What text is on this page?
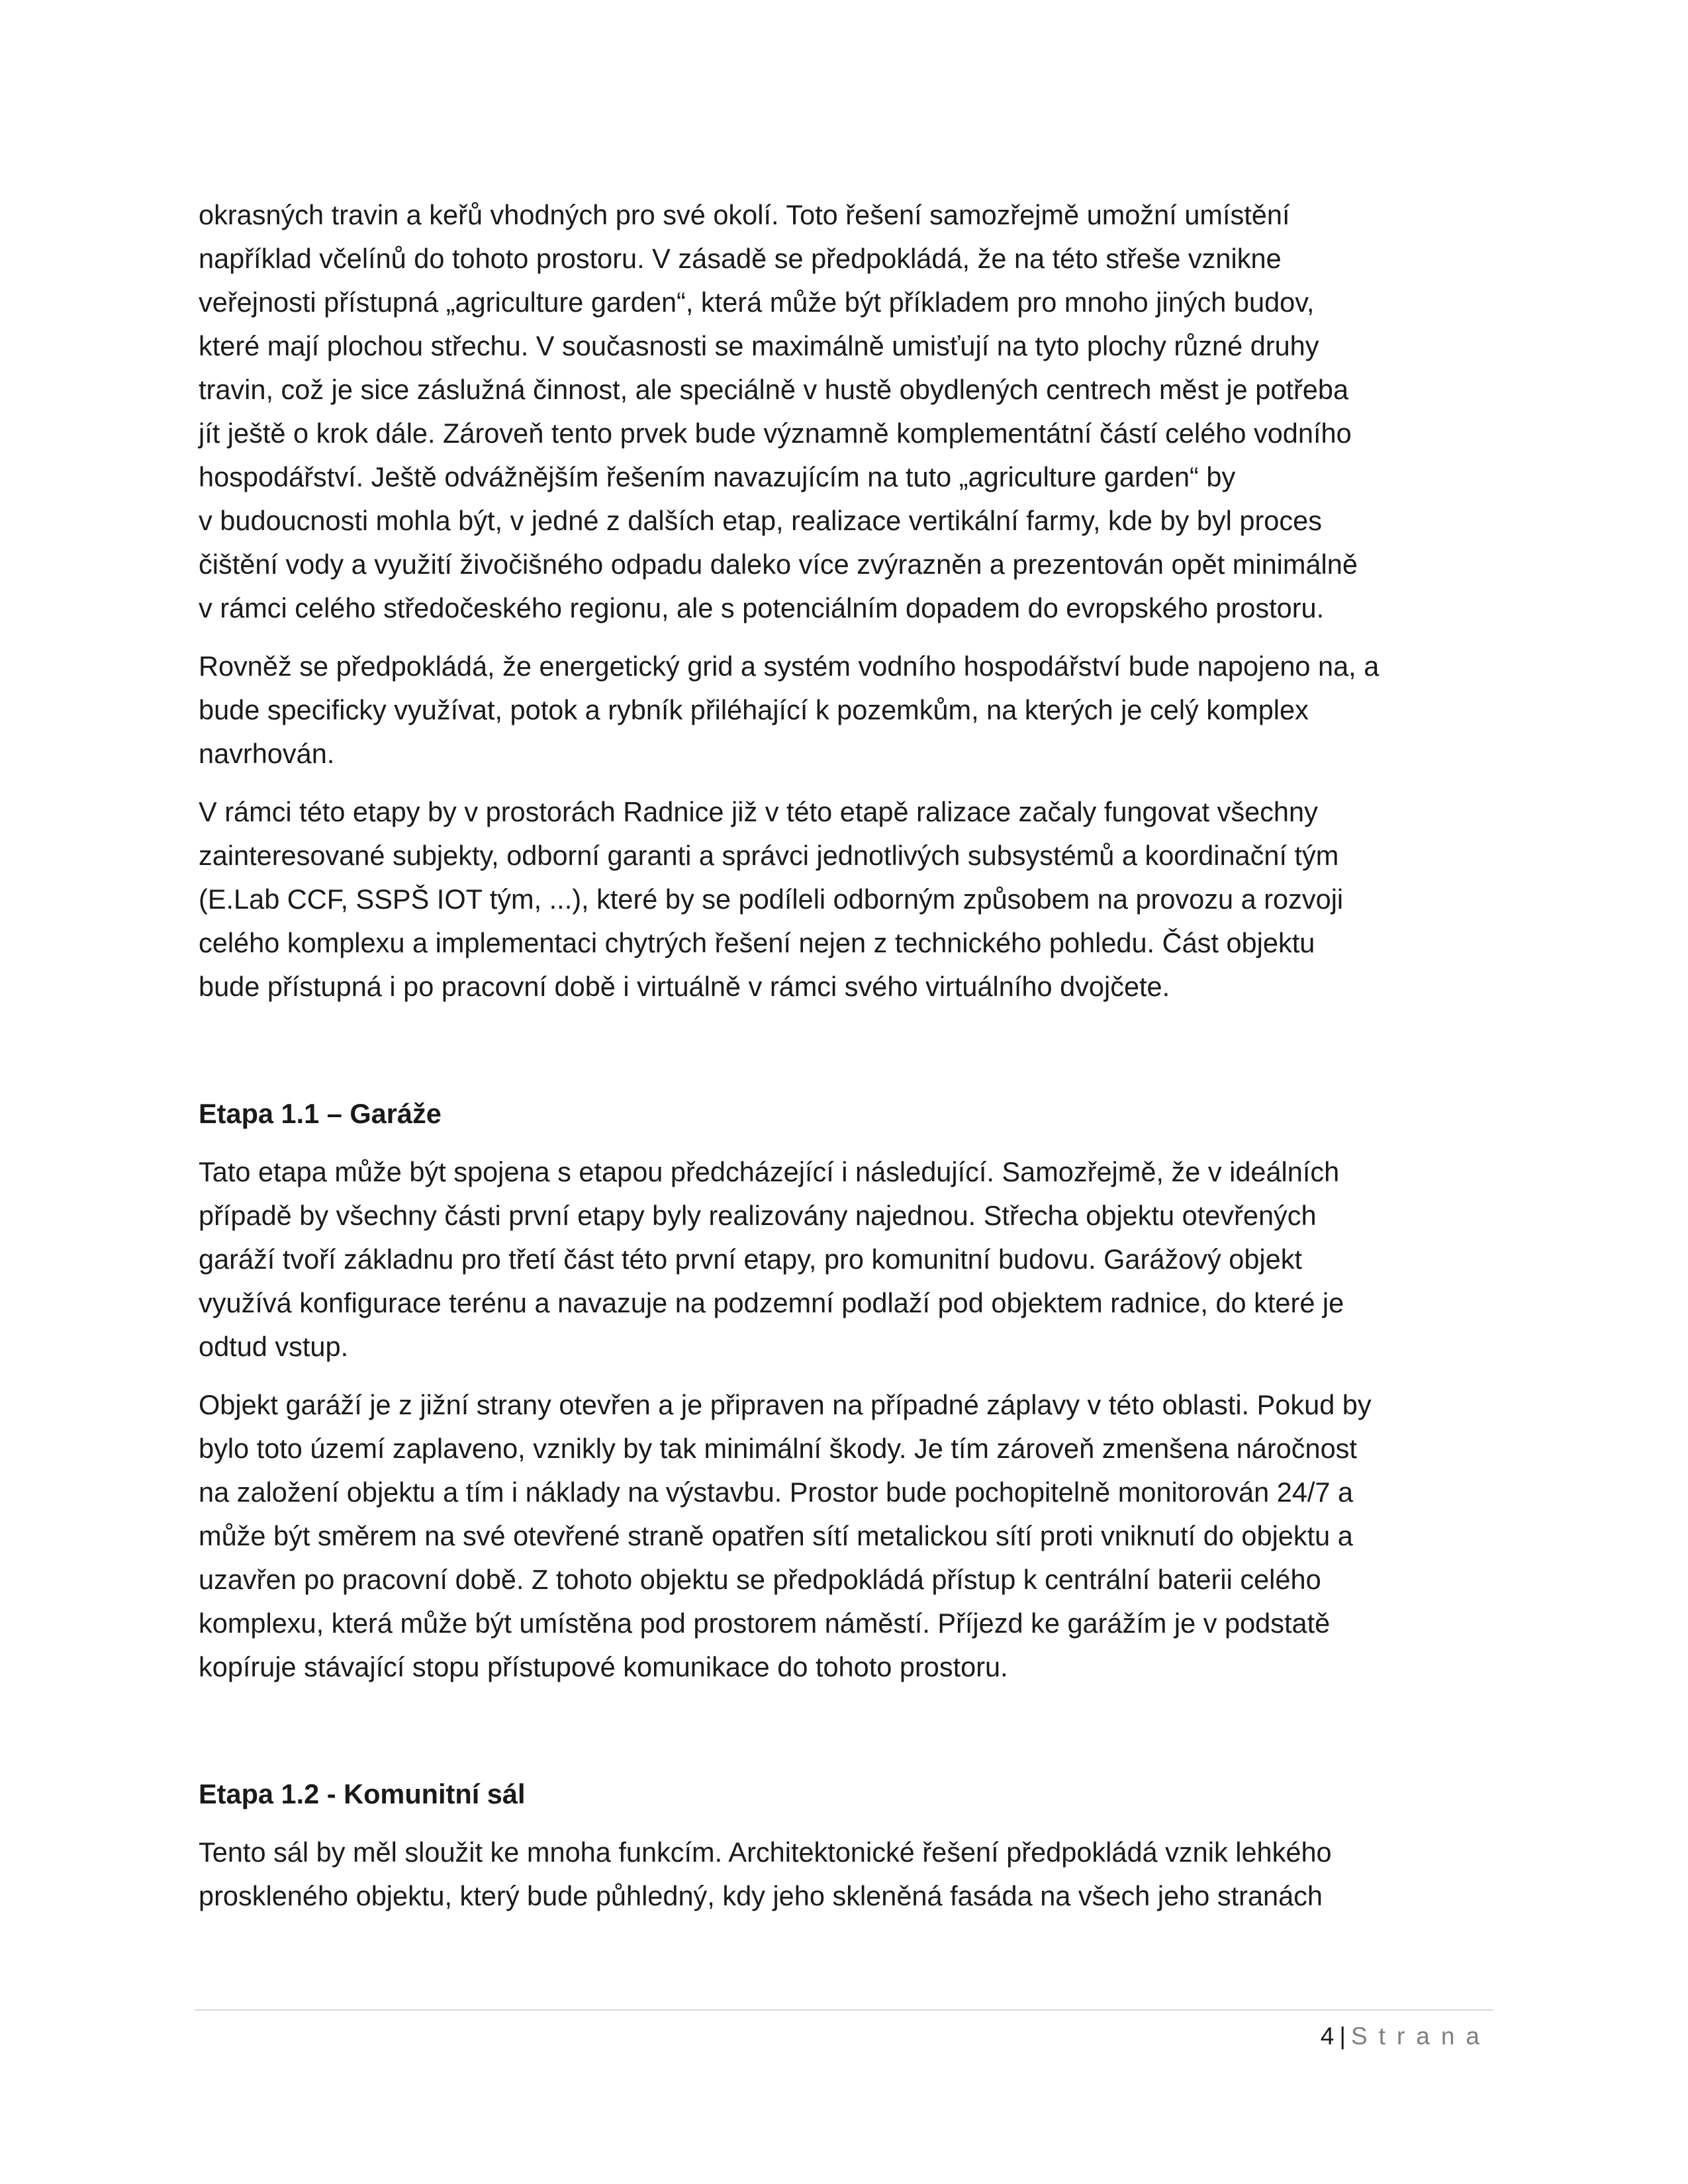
okrasných travin a keřů vhodných pro své okolí. Toto řešení samozřejmě umožní umístění
například včelínů do tohoto prostoru. V zásadě se předpokládá, že na této střeše vznikne
veřejnosti přístupná „agriculture garden“, která může být příkladem pro mnoho jiných budov,
které mají plochou střechu. V současnosti se maximálně umisťují na tyto plochy různé druhy
travin, což je sice záslužná činnost, ale speciálně v hustě obydlených centrech měst je potřeba
jít ještě o krok dále. Zároveň tento prvek bude významně komplementátní částí celého vodního
hospodářství. Ještě odvážnějším řešením navazujícím na tuto „agriculture garden“ by
v budoucnosti mohla být, v jedné z dalších etap, realizace vertikální farmy, kde by byl proces
čištění vody a využití živočišného odpadu daleko více zvýrazněn a prezentován opět minimálně
v rámci celého středočeského regionu, ale s potenciálním dopadem do evropského prostoru.

Rovněž se předpokládá, že energetický grid a systém vodního hospodářství bude napojeno na, a
bude specificky využívat, potok a rybník přiléhající k pozemkům, na kterých je celý komplex
navrhován.

V rámci této etapy by v prostorách Radnice již v této etapě ralizace začaly fungovat všechny
zainteresované subjekty, odborní garanti a správci jednotlivých subsystémů a koordinační tým
(E.Lab CCF, SSPŠ IOT tým, ...), které by se podíleli odborným způsobem na provozu a rozvoji
celého komplexu a implementaci chytrých řešení nejen z technického pohledu. Část objektu
bude přístupná i po pracovní době i virtuálně v rámci svého virtuálního dvojčete.

Etapa 1.1 – Garáže

Tato etapa může být spojena s etapou předcházející i následující. Samozřejmě, že v ideálních
případě by všechny části první etapy byly realizovány najednou. Střecha objektu otevřených
garáží tvoří základnu pro třetí část této první etapy, pro komunitní budovu. Garážový objekt
využívá konfigurace terénu a navazuje na podzemní podlaží pod objektem radnice, do které je
odtud vstup.

Objekt garáží je z jižní strany otevřen a je připraven na případné záplavy v této oblasti. Pokud by
bylo toto území zaplaveno, vznikly by tak minimální škody. Je tím zároveň zmenšena náročnost
na založení objektu a tím i náklady na výstavbu. Prostor bude pochopitelně monitorován 24/7 a
může být směrem na své otevřené straně opatřen sítí metalickou sítí proti vniknutí do objektu a
uzavřen po pracovní době. Z tohoto objektu se předpokládá přístup k centrální baterii celého
komplexu, která může být umístěna pod prostorem náměstí. Příjezd ke garážím je v podstatě
kopíruje stávající stopu přístupové komunikace do tohoto prostoru.

Etapa 1.2 - Komunitní sál

Tento sál by měl sloužit ke mnoha funkcím. Architektonické řešení předpokládá vznik lehkého
proskleného objektu, který bude půhledný, kdy jeho skleněná fasáda na všech jeho stranách

4 | Strana
